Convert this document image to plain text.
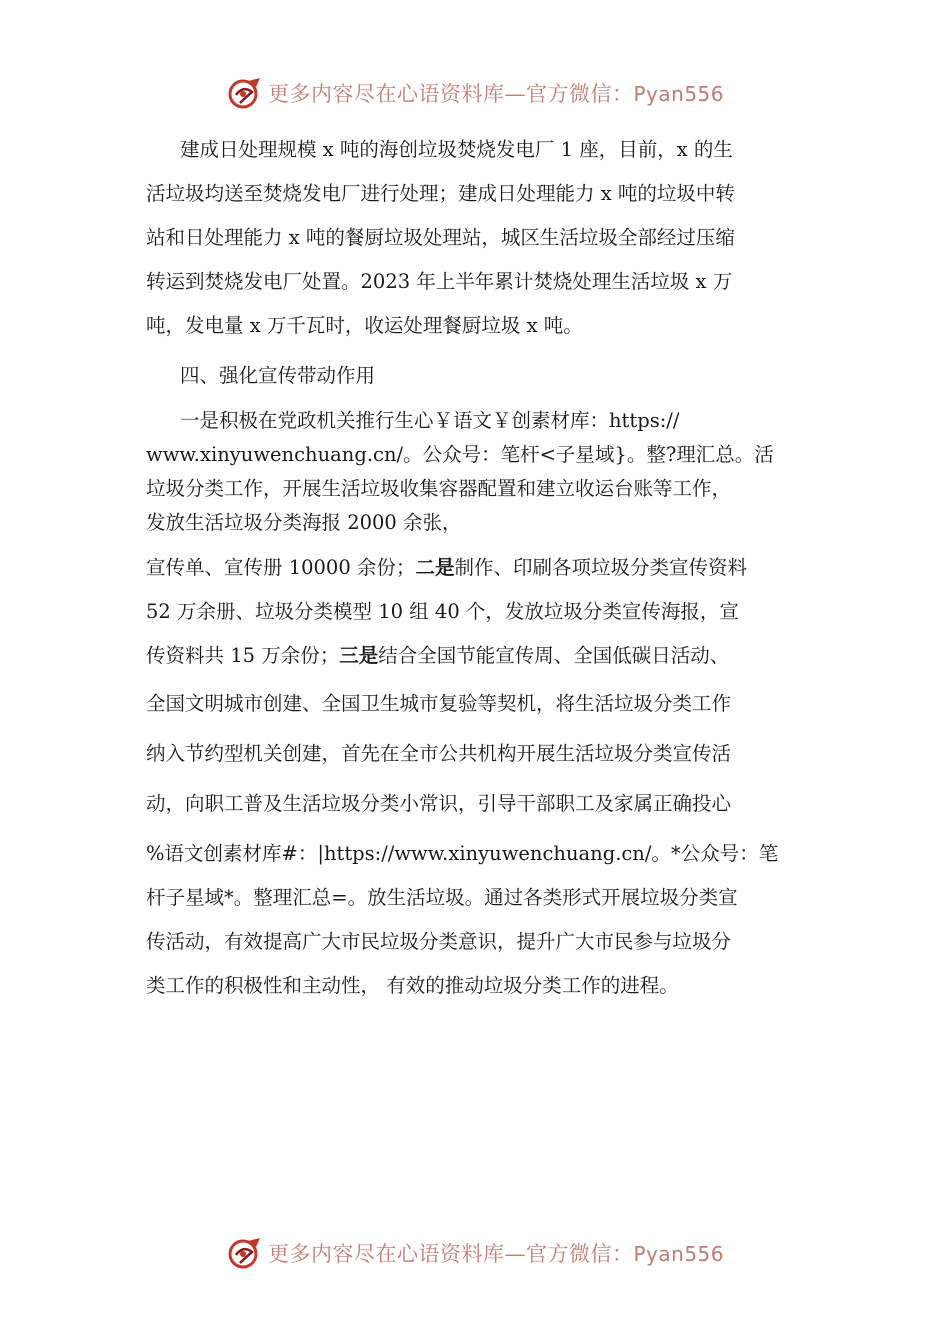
更多内容尽在心语资料库—官方微信：Pyan556
建成日处理规模 x 吨的海创垃圾焚烧发电厂 1 座，目前，x 的生
活垃圾均送至焚烧发电厂进行处理；建成日处理能力 x 吨的垃圾中转
站和日处理能力 x 吨的餐厨垃圾处理站，城区生活垃圾全部经过压缩
转运到焚烧发电厂处置。2023 年上半年累计焚烧处理生活垃圾 x 万
吨，发电量 x 万千瓦时，收运处理餐厨垃圾 x 吨。
四、强化宣传带动作用
一是积极在党政机关推行生心￥语文￥创素材库：https://
www.xinyuwenchuang.cn/。公众号：笔杆<子星域}。整?理汇总。活
垃圾分类工作，开展生活垃圾收集容器配置和建立收运台账等工作，
发放生活垃圾分类海报 2000 余张，
宣传单、宣传册 10000 余份；二是制作、印刷各项垃圾分类宣传资料
52 万余册、垃圾分类模型 10 组 40 个，发放垃圾分类宣传海报，宣
传资料共 15 万余份；三是结合全国节能宣传周、全国低碳日活动、
全国文明城市创建、全国卫生城市复验等契机，将生活垃圾分类工作
纳入节约型机关创建，首先在全市公共机构开展生活垃圾分类宣传活
动，向职工普及生活垃圾分类小常识，引导干部职工及家属正确投心
%语文创素材库#：|https://www.xinyuwenchuang.cn/。*公众号：笔
杆子星域*。整理汇总=。放生活垃圾。通过各类形式开展垃圾分类宣
传活动，有效提高广大市民垃圾分类意识，提升广大市民参与垃圾分
类工作的积极性和主动性， 有效的推动垃圾分类工作的进程。
更多内容尽在心语资料库—官方微信：Pyan556
